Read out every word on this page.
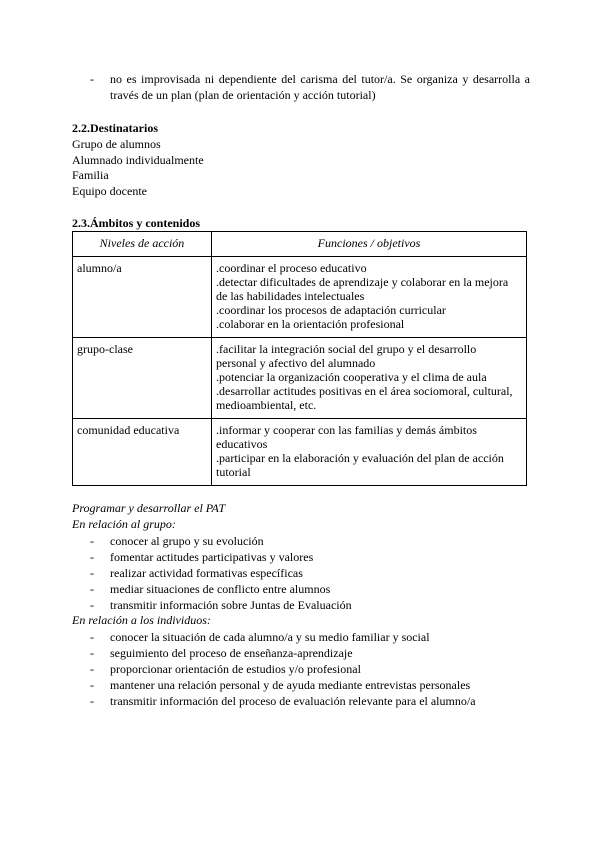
- no es improvisada ni dependiente del carisma del tutor/a. Se organiza y desarrolla a
través de un plan (plan de orientación y acción tutorial)
2.2.Destinatarios
Grupo de alumnos
Alumnado individualmente
Familia
Equipo docente
2.3.Ámbitos y contenidos
Niveles de acción	Funciones / objetivos
alumno/a	.coordinar el proceso educativo
.detectar dificultades de aprendizaje y colaborar en la mejora
de las habilidades intelectuales
.coordinar los procesos de adaptación curricular
.colaborar en la orientación profesional

grupo-clase	.facilitar la integración social del grupo y el desarrollo
personal y afectivo del alumnado
.potenciar la organización cooperativa y el clima de aula
.desarrollar actitudes positivas en el área sociomoral, cultural,
medioambiental, etc.

comunidad educativa	.informar y cooperar con las familias y demás ámbitos
educativos
.participar en la elaboración y evaluación del plan de acción
tutorial
Programar y desarrollar el PAT
En relación al grupo:
- conocer al grupo y su evolución
- fomentar actitudes participativas y valores
- realizar actividad formativas específicas
- mediar situaciones de conflicto entre alumnos
- transmitir información sobre Juntas de Evaluación
En relación a los individuos:
- conocer la situación de cada alumno/a y su medio familiar y social
- seguimiento del proceso de enseñanza-aprendizaje
- proporcionar orientación de estudios y/o profesional
- mantener una relación personal y de ayuda mediante entrevistas personales
- transmitir información del proceso de evaluación relevante para el alumno/a
